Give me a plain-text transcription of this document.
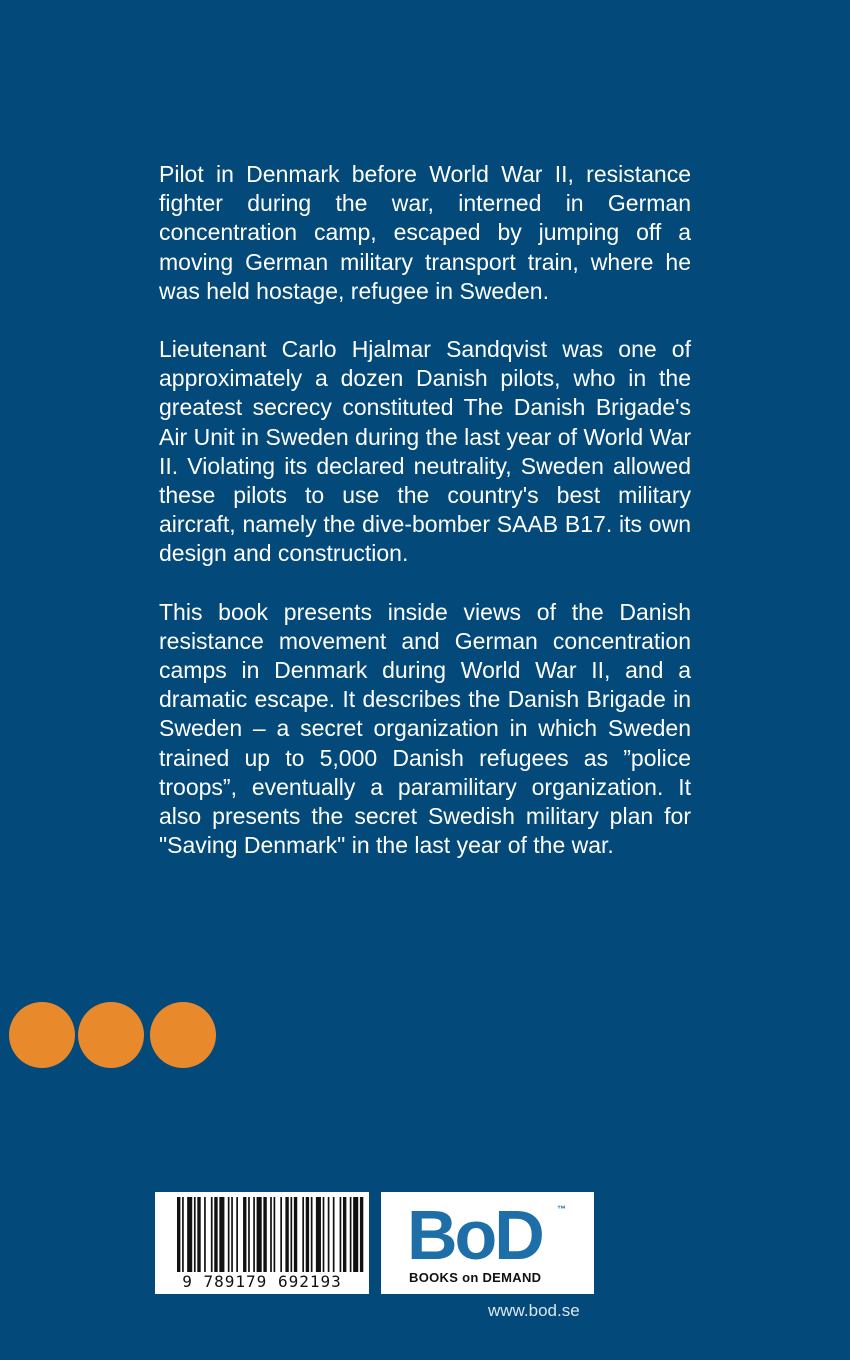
Pilot in Denmark before World War II, resistance fighter during the war, interned in German concentration camp, escaped by jumping off a moving German military transport train, where he was held hostage, refugee in Sweden.

Lieutenant Carlo Hjalmar Sandqvist was one of approximately a dozen Danish pilots, who in the greatest secrecy constituted The Danish Brigade's Air Unit in Sweden during the last year of World War II. Violating its declared neutrality, Sweden allowed these pilots to use the country's best military aircraft, namely the dive-bomber SAAB B17. its own design and construction.

This book presents inside views of the Danish resistance movement and German concentration camps in Denmark during World War II, and a dramatic escape. It describes the Danish Brigade in Sweden – a secret organization in which Sweden trained up to 5,000 Danish refugees as ”police troops”, eventually a paramilitary organization. It also presents the secret Swedish military plan for "Saving Denmark" in the last year of the war.

9 789179 692193
BoD ™
BOOKS on DEMAND
www.bod.se
